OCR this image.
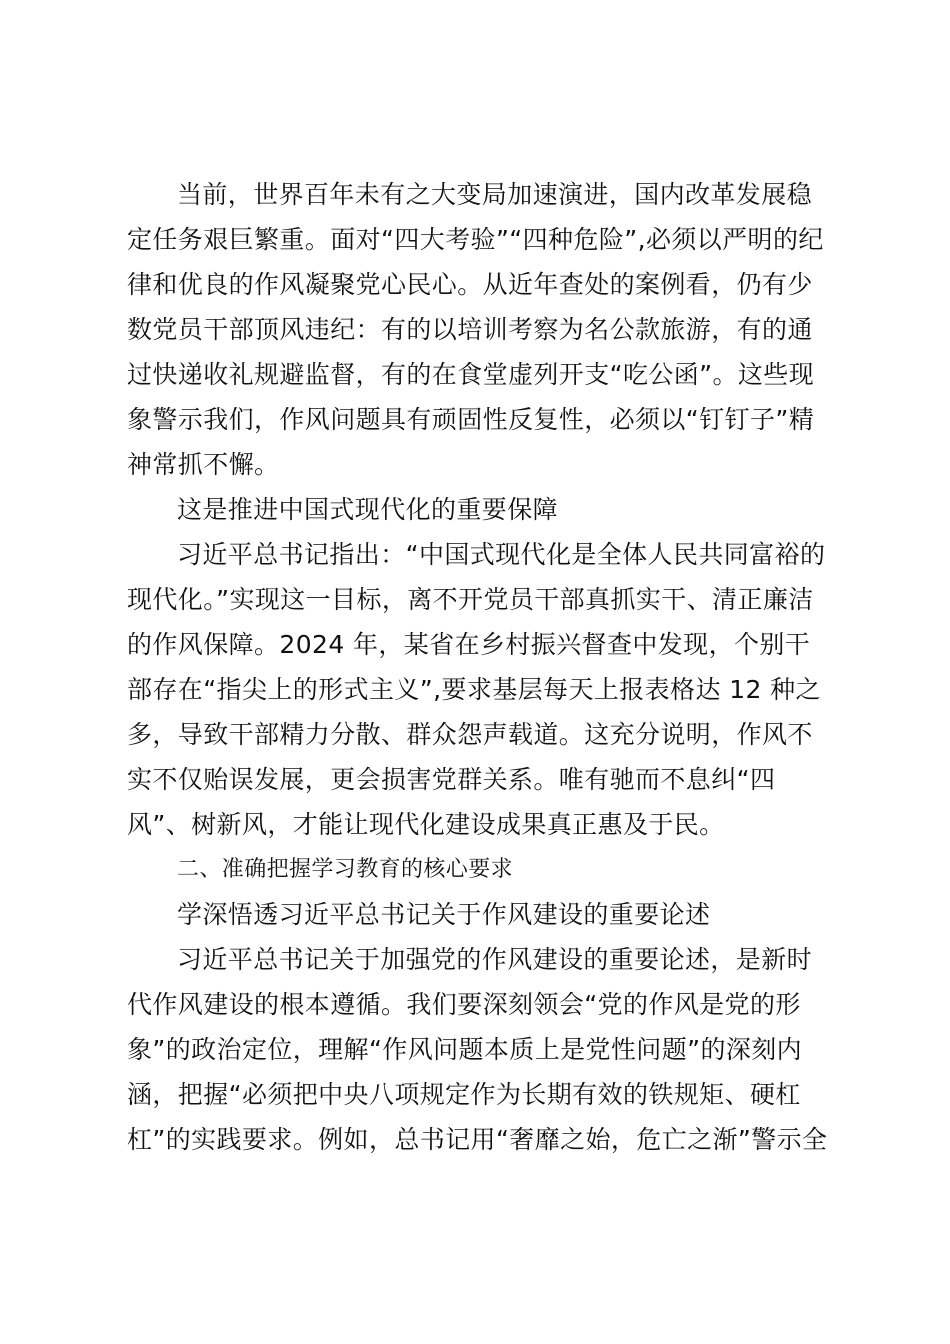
当前，世界百年未有之大变局加速演进，国内改革发展稳
定任务艰巨繁重。面对“四大考验”“四种危险”,必须以严明的纪
律和优良的作风凝聚党心民心。从近年查处的案例看，仍有少
数党员干部顶风违纪：有的以培训考察为名公款旅游，有的通
过快递收礼规避监督，有的在食堂虚列开支“吃公函”。这些现
象警示我们，作风问题具有顽固性反复性，必须以“钉钉子”精
神常抓不懈。
这是推进中国式现代化的重要保障
习近平总书记指出：“中国式现代化是全体人民共同富裕的
现代化。”实现这一目标，离不开党员干部真抓实干、清正廉洁
的作风保障。2024 年，某省在乡村振兴督查中发现，个别干
部存在“指尖上的形式主义”,要求基层每天上报表格达 12 种之
多，导致干部精力分散、群众怨声载道。这充分说明，作风不
实不仅贻误发展，更会损害党群关系。唯有驰而不息纠“四
风”、树新风，才能让现代化建设成果真正惠及于民。
二、准确把握学习教育的核心要求
学深悟透习近平总书记关于作风建设的重要论述
习近平总书记关于加强党的作风建设的重要论述，是新时
代作风建设的根本遵循。我们要深刻领会“党的作风是党的形
象”的政治定位，理解“作风问题本质上是党性问题”的深刻内
涵，把握“必须把中央八项规定作为长期有效的铁规矩、硬杠
杠”的实践要求。例如，总书记用“奢靡之始，危亡之渐”警示全
